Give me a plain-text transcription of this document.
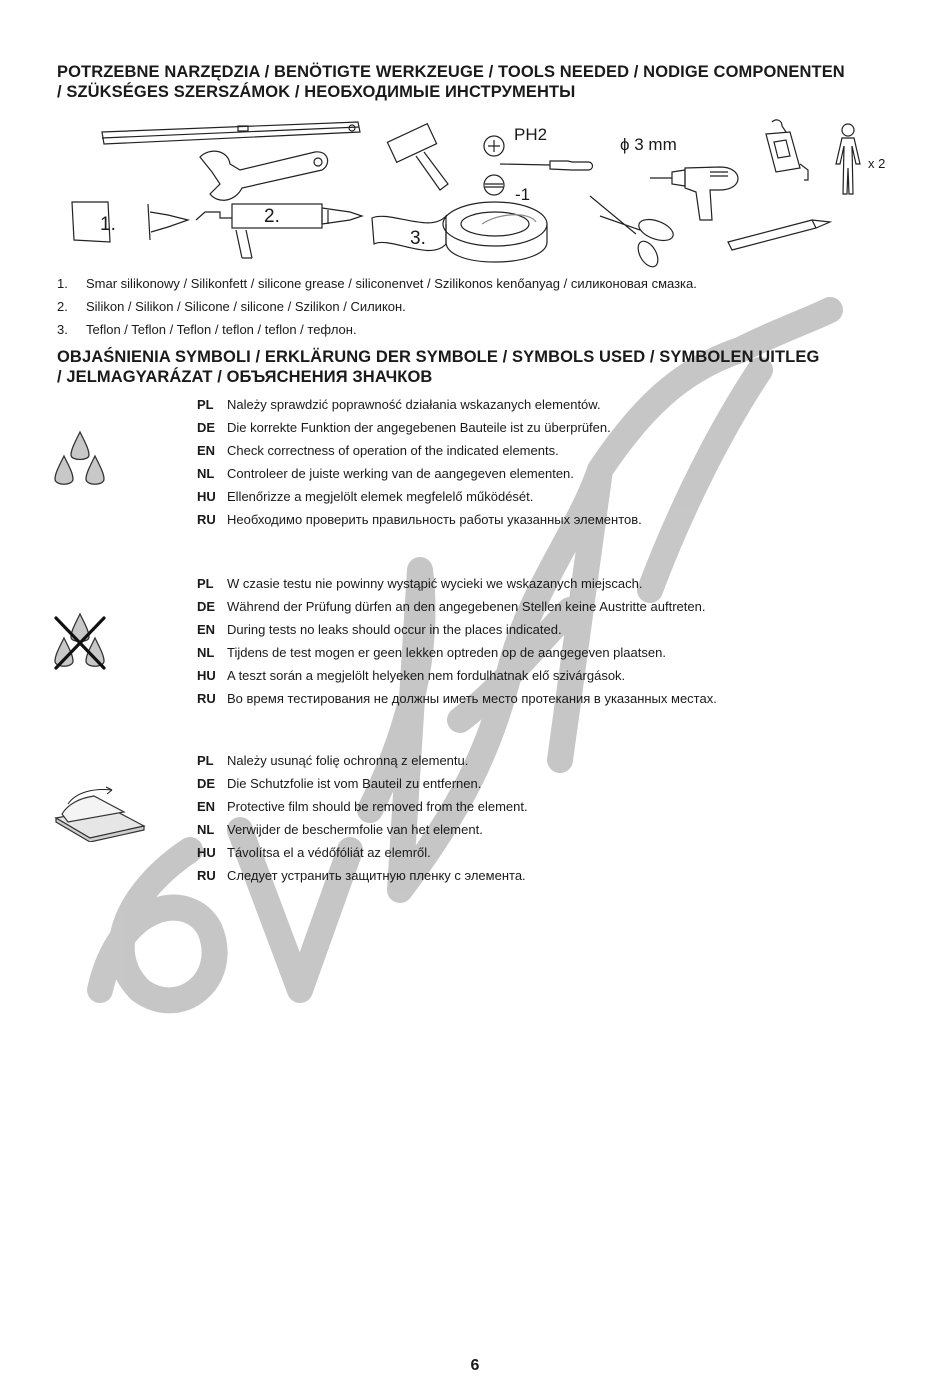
POTRZEBNE NARZĘDZIA / BENÖTIGTE WERKZEUGE / TOOLS NEEDED / NODIGE COMPONENTEN
/ SZÜKSÉGES SZERSZÁMOK / НЕОБХОДИМЫЕ ИНСТРУМЕНТЫ
PH2
-1
ϕ 3 mm
x 2
1.	2.
3.
1.	Smar silikonowy / Silikonfett / silicone grease / siliconenvet / Szilikonos kenőanyag / силиконовая смазка.
2.	Silikon / Silikon / Silicone / silicone / Szilikon / Силикон.
3.	Teflon / Teflon / Teflon / teflon / teflon / тефлон.
OBJAŚNIENIA SYMBOLI / ERKLÄRUNG DER SYMBOLE / SYMBOLS USED / SYMBOLEN UITLEG
/ JELMAGYARÁZAT / ОБЪЯСНЕНИЯ ЗНАЧКОВ
PL	Należy sprawdzić poprawność działania wskazanych elementów.
DE Die korrekte Funktion der angegebenen Bauteile ist zu überprüfen.
EN Check correctness of operation of the indicated elements.
NL Controleer de juiste werking van de aangegeven elementen.
HU Ellenőrizze a megjelölt elemek megfelelő működését.
RU Необходимо проверить правильность работы указанных элементов.
PL	W czasie testu nie powinny wystąpić wycieki we wskazanych miejscach.
DE Während der Prüfung dürfen an den angegebenen Stellen keine Austritte auftreten.
EN During tests no leaks should occur in the places indicated.
NL Tijdens de test mogen er geen lekken optreden op de aangegeven plaatsen.
HU A teszt során a megjelölt helyeken nem fordulhatnak elő szivárgások.
RU Во время тестирования не должны иметь место протекания в указанных местах.
PL	Należy usunąć folię ochronną z elementu.
DE Die Schutzfolie ist vom Bauteil zu entfernen.
EN Protective film should be removed from the element.
NL Verwijder de beschermfolie van het element.
HU Távolítsa el a védőfóliát az elemről.
RU Следует устранить защитную пленку с элемента.
6
